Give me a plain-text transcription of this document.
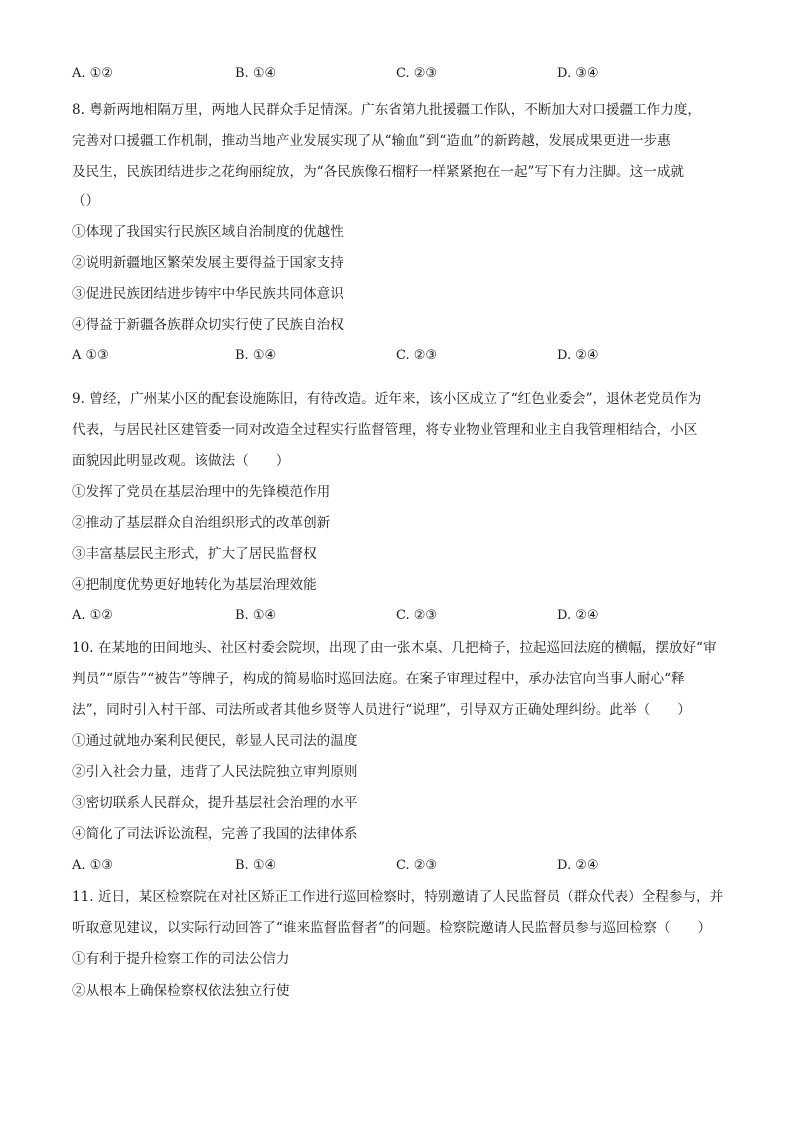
A. ①②	B. ①④	C. ②③	D. ③④
8. 粤新两地相隔万里，两地人民群众手足情深。广东省第九批援疆工作队，不断加大对口援疆工作力度，
完善对口援疆工作机制，推动当地产业发展实现了从“输血”到“造血”的新跨越，发展成果更进一步惠
及民生，民族团结进步之花绚丽绽放，为“各民族像石榴籽一样紧紧抱在一起”写下有力注脚。这一成就
（）
①体现了我国实行民族区域自治制度的优越性
②说明新疆地区繁荣发展主要得益于国家支持
③促进民族团结进步铸牢中华民族共同体意识
④得益于新疆各族群众切实行使了民族自治权
A ①③	B. ①④	C. ②③	D. ②④
9. 曾经，广州某小区的配套设施陈旧，有待改造。近年来，该小区成立了“红色业委会”，退休老党员作为
代表，与居民社区建管委一同对改造全过程实行监督管理，将专业物业管理和业主自我管理相结合，小区
面貌因此明显改观。该做法（　　）
①发挥了党员在基层治理中的先锋模范作用
②推动了基层群众自治组织形式的改革创新
③丰富基层民主形式，扩大了居民监督权
④把制度优势更好地转化为基层治理效能
A. ①②	B. ①④	C. ②③	D. ②④
10. 在某地的田间地头、社区村委会院坝，出现了由一张木桌、几把椅子，拉起巡回法庭的横幅，摆放好“审
判员”“原告”“被告”等牌子，构成的简易临时巡回法庭。在案子审理过程中，承办法官向当事人耐心“释
法”，同时引入村干部、司法所或者其他乡贤等人员进行“说理”，引导双方正确处理纠纷。此举（　　）
①通过就地办案利民便民，彰显人民司法的温度
②引入社会力量，违背了人民法院独立审判原则
③密切联系人民群众，提升基层社会治理的水平
④简化了司法诉讼流程，完善了我国的法律体系
A. ①③	B. ①④	C. ②③	D. ②④
11. 近日，某区检察院在对社区矫正工作进行巡回检察时，特别邀请了人民监督员（群众代表）全程参与，并
听取意见建议，以实际行动回答了“谁来监督监督者”的问题。检察院邀请人民监督员参与巡回检察（　　）
①有利于提升检察工作的司法公信力
②从根本上确保检察权依法独立行使
